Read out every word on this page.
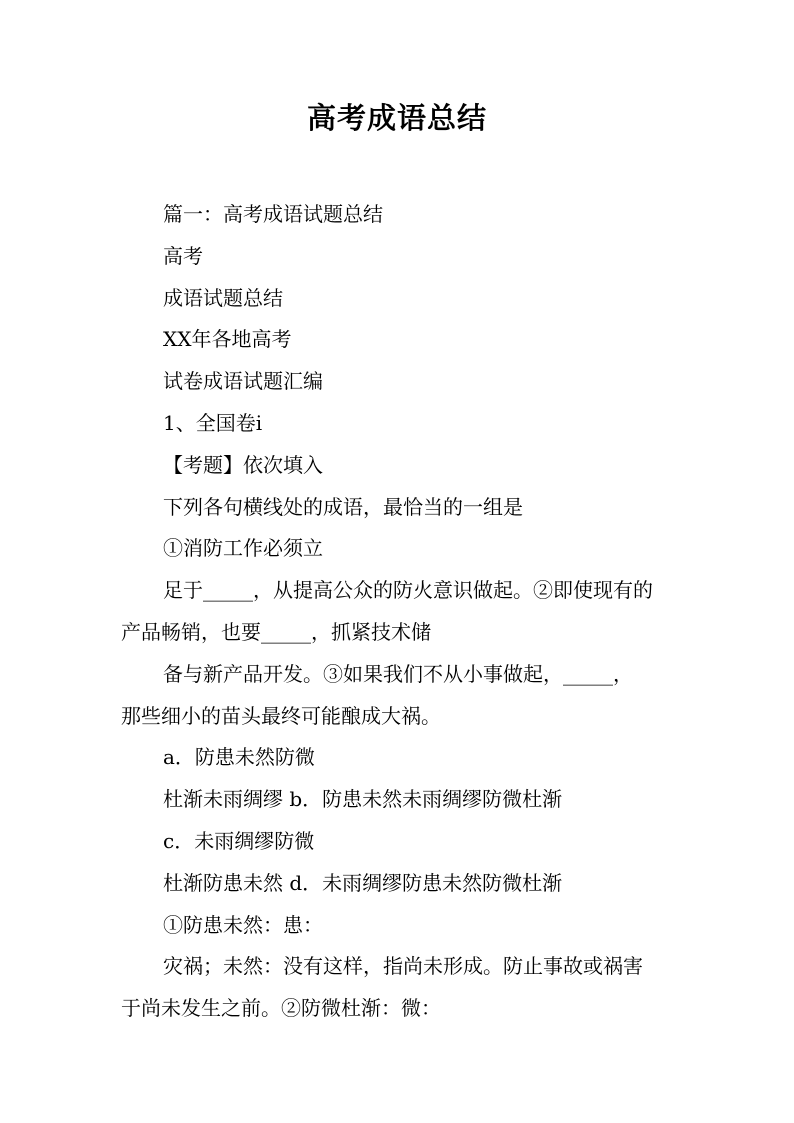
高考成语总结

篇一：高考成语试题总结

高考

成语试题总结

XX年各地高考

试卷成语试题汇编

1、全国卷ⅰ

【考题】依次填入

下列各句横线处的成语，最恰当的一组是

①消防工作必须立

足于_____，从提高公众的防火意识做起。②即使现有的

产品畅销，也要_____，抓紧技术储

备与新产品开发。③如果我们不从小事做起，_____，

那些细小的苗头最终可能酿成大祸。

a．防患未然防微

杜渐未雨绸缪 b．防患未然未雨绸缪防微杜渐

c．未雨绸缪防微

杜渐防患未然 d．未雨绸缪防患未然防微杜渐

①防患未然：患：

灾祸；未然：没有这样，指尚未形成。防止事故或祸害

于尚未发生之前。②防微杜渐：微：
